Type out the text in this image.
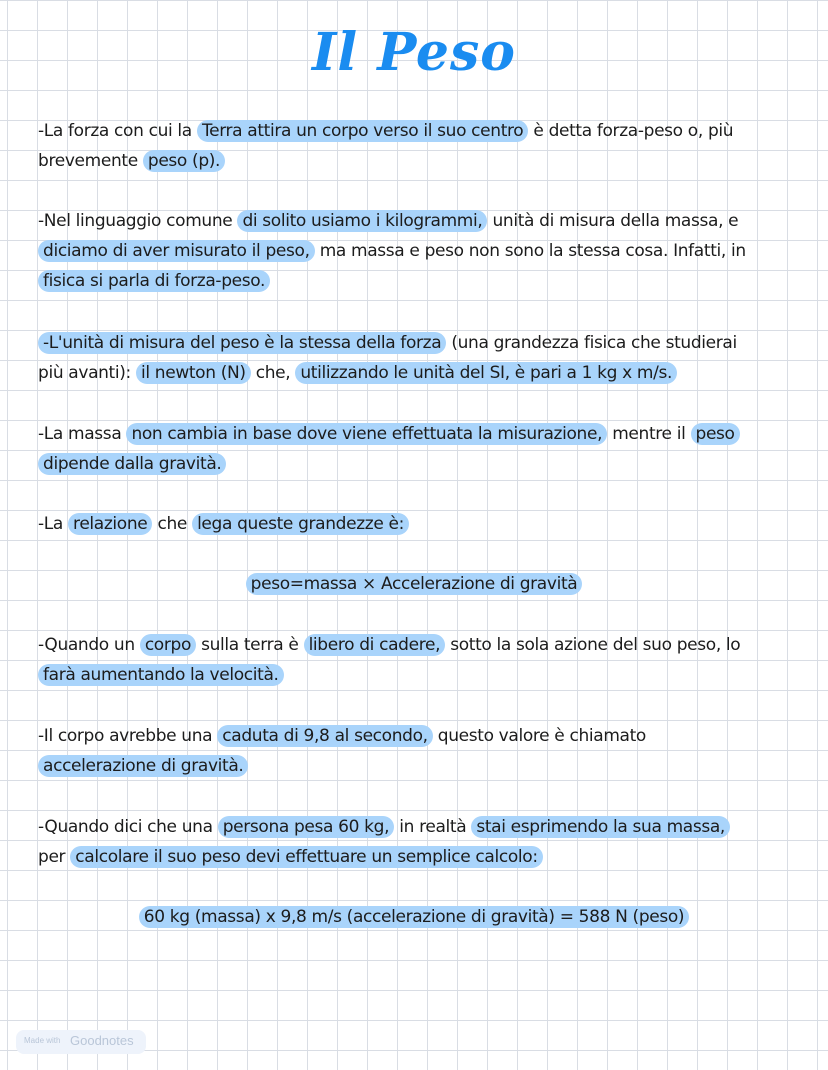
Il Peso
-La forza con cui la Terra attira un corpo verso il suo centro è detta forza-peso o, più
brevemente peso (p).
-Nel linguaggio comune di solito usiamo i kilogrammi, unità di misura della massa, e
diciamo di aver misurato il peso, ma massa e peso non sono la stessa cosa. Infatti, in
fisica si parla di forza-peso.
-L'unità di misura del peso è la stessa della forza (una grandezza fisica che studierai
più avanti): il newton (N) che, utilizzando le unità del SI, è pari a 1 kg x m/s.
-La massa non cambia in base dove viene effettuata la misurazione, mentre il peso
dipende dalla gravità.
-La relazione che lega queste grandezze è:
peso=massa × Accelerazione di gravità
-Quando un corpo sulla terra è libero di cadere, sotto la sola azione del suo peso, lo
farà aumentando la velocità.
-Il corpo avrebbe una caduta di 9,8 al secondo, questo valore è chiamato
accelerazione di gravità.
-Quando dici che una persona pesa 60 kg, in realtà stai esprimendo la sua massa,
per calcolare il suo peso devi effettuare un semplice calcolo:
60 kg (massa) x 9,8 m/s (accelerazione di gravità) = 588 N (peso)
Made with Goodnotes
